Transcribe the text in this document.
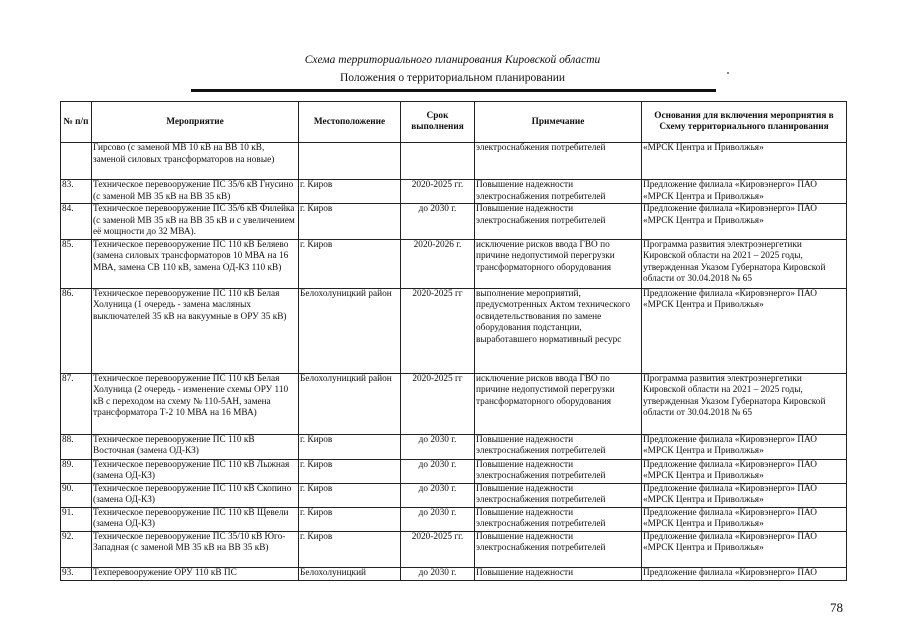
Схема территориального планирования Кировской области
Положения о территориальном планировании
№ п/п	Мероприятие	Местоположение	Срок выполнения	Примечание	Основания для включения мероприятия в Схему территориального планирования
	Гирсово (с заменой МВ 10 кВ на ВВ 10 кВ, заменой силовых трансформаторов на новые)			электроснабжения потребителей	«МРСК Центра и Приволжья»
83.	Техническое перевооружение ПС 35/6 кВ Гнусино (с заменой МВ 35 кВ на ВВ 35 кВ)	г. Киров	2020-2025 гг.	Повышение надежности электроснабжения потребителей	Предложение филиала «Кировэнерго» ПАО «МРСК Центра и Приволжья»
84.	Техническое перевооружение ПС 35/6 кВ Филейка (с заменой МВ 35 кВ на ВВ 35 кВ и с увеличением её мощности до 32 МВА).	г. Киров	до 2030 г.	Повышение надежности электроснабжения потребителей	Предложение филиала «Кировэнерго» ПАО «МРСК Центра и Приволжья»
85.	Техническое перевооружение ПС 110 кВ Беляево (замена силовых трансформаторов 10 МВА на 16 МВА, замена СВ 110 кВ, замена ОД-КЗ 110 кВ)	г. Киров	2020-2026 г.	исключение рисков ввода ГВО по причине недопустимой перегрузки трансформаторного оборудования	Программа развития электроэнергетики Кировской области на 2021 – 2025 годы, утвержденная Указом Губернатора Кировской области от 30.04.2018 № 65
86.	Техническое перевооружение ПС 110 кВ Белая Холуница (1 очередь - замена масляных выключателей 35 кВ на вакуумные в ОРУ 35 кВ)	Белохолуницкий район	2020-2025 гг	выполнение мероприятий, предусмотренных Актом технического освидетельствования по замене оборудования подстанции, выработавшего нормативный ресурс	Предложение филиала «Кировэнерго» ПАО «МРСК Центра и Приволжья»
87.	Техническое перевооружение ПС 110 кВ Белая Холуница (2 очередь - изменение схемы ОРУ 110 кВ с переходом на схему № 110-5АН, замена трансформатора Т-2 10 МВА на 16 МВА)	Белохолуницкий район	2020-2025 гг	исключение рисков ввода ГВО по причине недопустимой перегрузки трансформаторного оборудования	Программа развития электроэнергетики Кировской области на 2021 – 2025 годы, утвержденная Указом Губернатора Кировской области от 30.04.2018 № 65
88.	Техническое перевооружение ПС 110 кВ Восточная (замена ОД-КЗ)	г. Киров	до 2030 г.	Повышение надежности электроснабжения потребителей	Предложение филиала «Кировэнерго» ПАО «МРСК Центра и Приволжья»
89.	Техническое перевооружение ПС 110 кВ Лыжная (замена ОД-КЗ)	г. Киров	до 2030 г.	Повышение надежности электроснабжения потребителей	Предложение филиала «Кировэнерго» ПАО «МРСК Центра и Приволжья»
90.	Техническое перевооружение ПС 110 кВ Скопино (замена ОД-КЗ)	г. Киров	до 2030 г.	Повышение надежности электроснабжения потребителей	Предложение филиала «Кировэнерго» ПАО «МРСК Центра и Приволжья»
91.	Техническое перевооружение ПС 110 кВ Щевели (замена ОД-КЗ)	г. Киров	до 2030 г.	Повышение надежности электроснабжения потребителей	Предложение филиала «Кировэнерго» ПАО «МРСК Центра и Приволжья»
92.	Техническое перевооружение ПС 35/10 кВ Юго-Западная (с заменой МВ 35 кВ на ВВ 35 кВ)	г. Киров	2020-2025 гг.	Повышение надежности электроснабжения потребителей	Предложение филиала «Кировэнерго» ПАО «МРСК Центра и Приволжья»
93.	Техперевооружение ОРУ 110 кВ ПС	Белохолуницкий	до 2030 г.	Повышение надежности	Предложение филиала «Кировэнерго» ПАО
78
